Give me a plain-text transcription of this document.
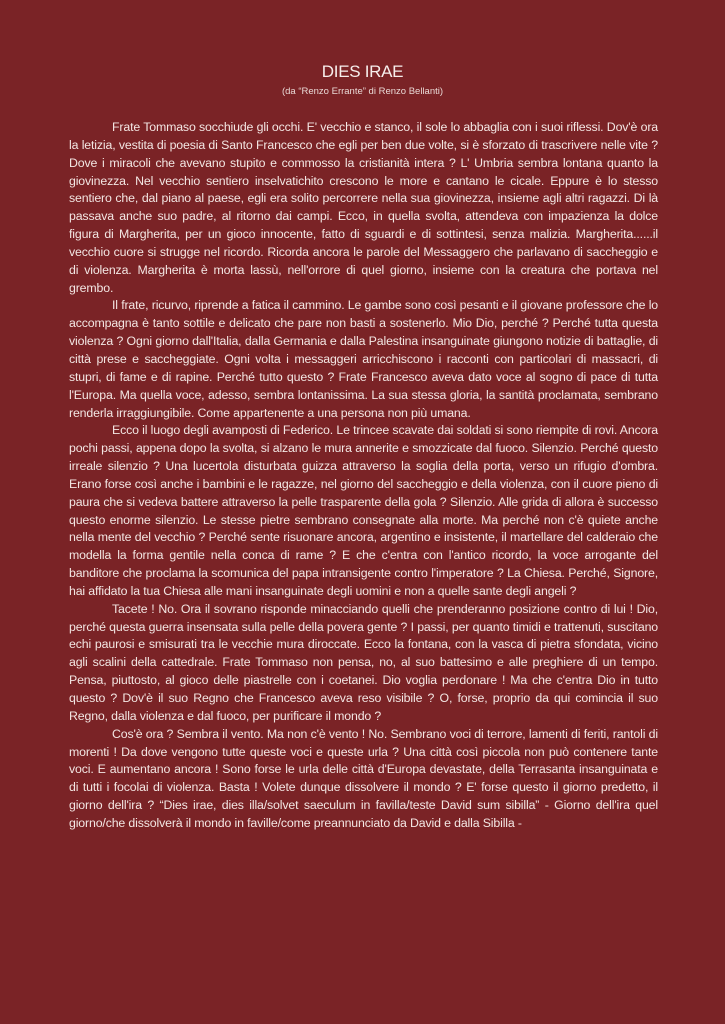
DIES IRAE

(da “Renzo Errante” di Renzo Bellanti)

Frate Tommaso socchiude gli occhi. E' vecchio e stanco, il sole lo abbaglia con i suoi riflessi. Dov'è ora la letizia, vestita di poesia di Santo Francesco che egli per ben due volte, si è sforzato di trascrivere nelle vite ? Dove i miracoli che avevano stupito e commosso la cristianità intera ? L' Umbria sembra lontana quanto la giovinezza. Nel vecchio sentiero inselvatichito crescono le more e cantano le cicale. Eppure è lo stesso sentiero che, dal piano al paese, egli era solito percorrere nella sua giovinezza, insieme agli altri ragazzi. Di là passava anche suo padre, al ritorno dai campi. Ecco, in quella svolta, attendeva con impazienza la dolce figura di Margherita, per un gioco innocente, fatto di sguardi e di sottintesi, senza malizia. Margherita......il vecchio cuore si strugge nel ricordo. Ricorda ancora le parole del Messaggero che parlavano di saccheggio e di violenza. Margherita è morta lassù, nell'orrore di quel giorno, insieme con la creatura che portava nel grembo.

Il frate, ricurvo, riprende a fatica il cammino. Le gambe sono così pesanti e il giovane professore che lo accompagna è tanto sottile e delicato che pare non basti a sostenerlo. Mio Dio, perché ? Perché tutta questa violenza ? Ogni giorno dall'Italia, dalla Germania e dalla Palestina insanguinate giungono notizie di battaglie, di città prese e saccheggiate. Ogni volta i messaggeri arricchiscono i racconti con particolari di massacri, di stupri, di fame e di rapine. Perché tutto questo ? Frate Francesco aveva dato voce al sogno di pace di tutta l'Europa. Ma quella voce, adesso, sembra lontanissima. La sua stessa gloria, la santità proclamata, sembrano renderla irraggiungibile. Come appartenente a una persona non più umana.

Ecco il luogo degli avamposti di Federico. Le trincee scavate dai soldati si sono riempite di rovi. Ancora pochi passi, appena dopo la svolta, si alzano le mura annerite e smozzicate dal fuoco. Silenzio. Perché questo irreale silenzio ? Una lucertola disturbata guizza attraverso la soglia della porta, verso un rifugio d'ombra. Erano forse così anche i bambini e le ragazze, nel giorno del saccheggio e della violenza, con il cuore pieno di paura che si vedeva battere attraverso la pelle trasparente della gola ? Silenzio. Alle grida di allora è successo questo enorme silenzio. Le stesse pietre sembrano consegnate alla morte. Ma perché non c'è quiete anche nella mente del vecchio ? Perché sente risuonare ancora, argentino e insistente, il martellare del calderaio che modella la forma gentile nella conca di rame ? E che c'entra con l'antico ricordo, la voce arrogante del banditore che proclama la scomunica del papa intransigente contro l'imperatore ? La Chiesa. Perché, Signore, hai affidato la tua Chiesa alle mani insanguinate degli uomini e non a quelle sante degli angeli ?

Tacete ! No. Ora il sovrano risponde minacciando quelli che prenderanno posizione contro di lui ! Dio, perché questa guerra insensata sulla pelle della povera gente ? I passi, per quanto timidi e trattenuti, suscitano echi paurosi e smisurati tra le vecchie mura diroccate. Ecco la fontana, con la vasca di pietra sfondata, vicino agli scalini della cattedrale. Frate Tommaso non pensa, no, al suo battesimo e alle preghiere di un tempo. Pensa, piuttosto, al gioco delle piastrelle con i coetanei. Dio voglia perdonare ! Ma che c'entra Dio in tutto questo ? Dov'è il suo Regno che Francesco aveva reso visibile ? O, forse, proprio da qui comincia il suo Regno, dalla violenza e dal fuoco, per purificare il mondo ?

Cos'è ora ? Sembra il vento. Ma non c'è vento ! No. Sembrano voci di terrore, lamenti di feriti, rantoli di morenti ! Da dove vengono tutte queste voci e queste urla ? Una città così piccola non può contenere tante voci. E aumentano ancora ! Sono forse le urla delle città d'Europa devastate, della Terrasanta insanguinata e di tutti i focolai di violenza. Basta ! Volete dunque dissolvere il mondo ? E' forse questo il giorno predetto, il giorno dell'ira ? “Dies irae, dies illa/solvet saeculum in favilla/teste David sum sibilla” - Giorno dell'ira quel giorno/che dissolverà il mondo in faville/come preannunciato da David e dalla Sibilla -
